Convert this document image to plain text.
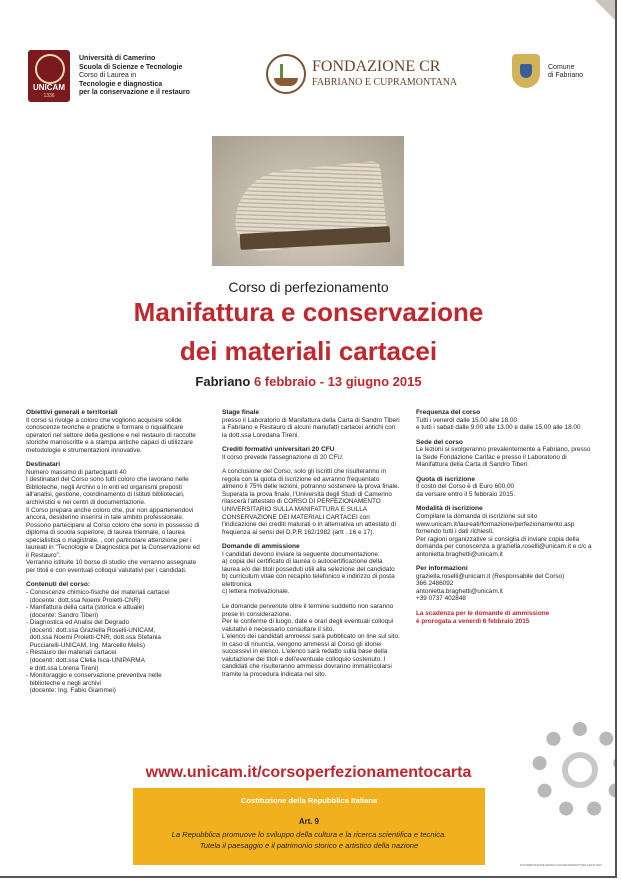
UNICAM
1336
Università di Camerino
Scuola di Scienze e Tecnologie
Corso di Laurea in
Tecnologie e diagnostica
per la conservazione e il restauro
FONDAZIONE CR
FABRIANO E CUPRAMONTANA
Comune
di Fabriano
Corso di perfezionamento
Manifattura e conservazione
dei materiali cartacei
Fabriano 6 febbraio - 13 giugno 2015
Obiettivi generali e territoriali

Il corso si rivolge a coloro che vogliono acquisire solide conoscenze teoriche e pratiche e formare o riqualificare operatori nel settore della gestione e nel restauro di raccolte storiche manoscritte e a stampa antiche capaci di utilizzare metodologie e strumentazioni innovative.

Destinatari

Numero massimo di partecipanti 40

I destinatari del Corso sono tutti coloro che lavorano nelle Biblioteche, negli Archivi o in enti ed organismi preposti all'analisi, gestione, coordinamento di Istituti bibliotecari, archivistici e nei centri di documentazione.

Il Corso prepara anche coloro che, pur non appartenendovi ancora, desiderino inserirsi in tale ambito professionale. Possono partecipare al Corso coloro che sono in possesso di diploma di scuola superiore, di laurea triennale, o laurea specialistica o magistrale, , con particolare attenzione per i laureati in "Tecnologie e Diagnostica per la Conservazione ed il Restauro".

Verranno istituite 10 borse di studio che verranno assegnate per titoli e con eventuali colloqui valutativi per i candidati.

Contenuti del corso:

- Conoscenze chimico-fisiche dei materiali cartacei

(docente: dott.ssa Noemi Proietti-CNR)

- Manifattura della carta (storica e attuale)

(docente: Sandro Tiberi)

- Diagnostica ed Analisi del Degrado

(docenti: dott.ssa Graziella Roselli-UNICAM,

dott.ssa Noemi Proietti-CNR, dott.ssa Stefania

Pucciarelli-UNICAM, Ing. Marcello Melis)

- Restauro dei materiali cartacei

(docenti: dott.ssa Clelia Isca-UNIPARMA

e dott.ssa Lorena Tireni)

- Monitoraggio e conservazione preventiva nelle

biblioteche e negli archivi

(docente: Ing. Fabio Giammei)

Stage finale

presso il Laboratorio di Manifattura della Carta di Sandro Tiberi a Fabriano e Restauro di alcuni manufatti cartacei antichi con la dott.ssa Loredana Tireni.

Crediti formativi universitari 20 CFU

Il corso prevede l'assegnazione di 20 CFU.

A conclusione del Corso, solo gli iscritti che risulteranno in regola con la quota di iscrizione ed avranno frequentato almeno il 75% delle lezioni, potranno sostenere la prova finale. Superata la prova finale, l'Università degli Studi di Camerino rilascerà l'attestato di CORSO DI PERFEZIONAMENTO UNIVERSITARIO SULLA MANIFATTURA E SULLA CONSERVAZIONE DEI MATERIALI CARTACEI con l'indicazione dei crediti maturati o in alternativa un attestato di frequenza ai sensi del D.P.R 162/1982 (artt . 16 e 17).

Domande di ammissione

I candidati devono inviare la seguente documentazione:

a) copia del certificato di laurea o autocertificazione della laurea e/o dei titoli posseduti utili alla selezione del candidato

b) curriculum vitae con recapito telefonico e indirizzo di posta elettronica

c) lettera motivazionale.

Le domande pervenute oltre il termine suddetto non saranno prese in considerazione.

Per le conferme di luogo, date e orari degli eventuali colloqui valutativi è necessario consultare il sito.

L'elenco dei candidati ammessi sarà pubblicato on line sul sito.

In caso di rinuncia, vengono ammessi al Corso gli idonei successivi in elenco. L'elenco sarà redatto sulla base della valutazione dei titoli e dell'eventuale colloquio sostenuto. I candidati che risulteranno ammessi dovranno immatricolarsi tramite la procedura indicata nel sito.

Frequenza del corso

Tutti i venerdì dalle 15.00 alle 18.00

e tutti i sabati dalle 9.00 alle 13.00 e dalle 15.00 alle 18.00

Sede del corso

Le lezioni si svolgeranno prevalentemente a Fabriano, presso la Sede Fondazione Carifac e presso il Laboratorio di Manifattura della Carta di Sandro Tiberi.

Quota di iscrizione

Il costo del Corso è di Euro 600,00

da versare entro il 5 febbraio 2015.

Modalità di iscrizione

Compilare la domanda di iscrizione sul sito www.unicam.it/laureati/formazione/perfezionamento.asp fornendo tutti i dati richiesti.

Per ragioni organizzative si consiglia di inviare copia della domanda per conoscenza a graziella.roselli@unicam.it e c/c a antonietta.braghetti@unicam.it

Per informazioni

graziella.roselli@unicam.it (Responsabile del Corso)

366 2486092

antonietta.braghetti@unicam.it

+39 0737 402848

La scadenza per le domande di ammissione

è prorogata a venerdì 6 febbraio 2015

www.unicam.it/corsoperfezionamentocarta
Costituzione della Repubblica Italiana
Art. 9
La Repubblica promuove lo sviluppo della cultura e la ricerca scientifica e tecnica.
Tutela il paesaggio e il patrimonio storico e artistico della nazione
DOCUMENTAZIONE GRAFICA UNICAM MANIFATTURA CARTA 2015
